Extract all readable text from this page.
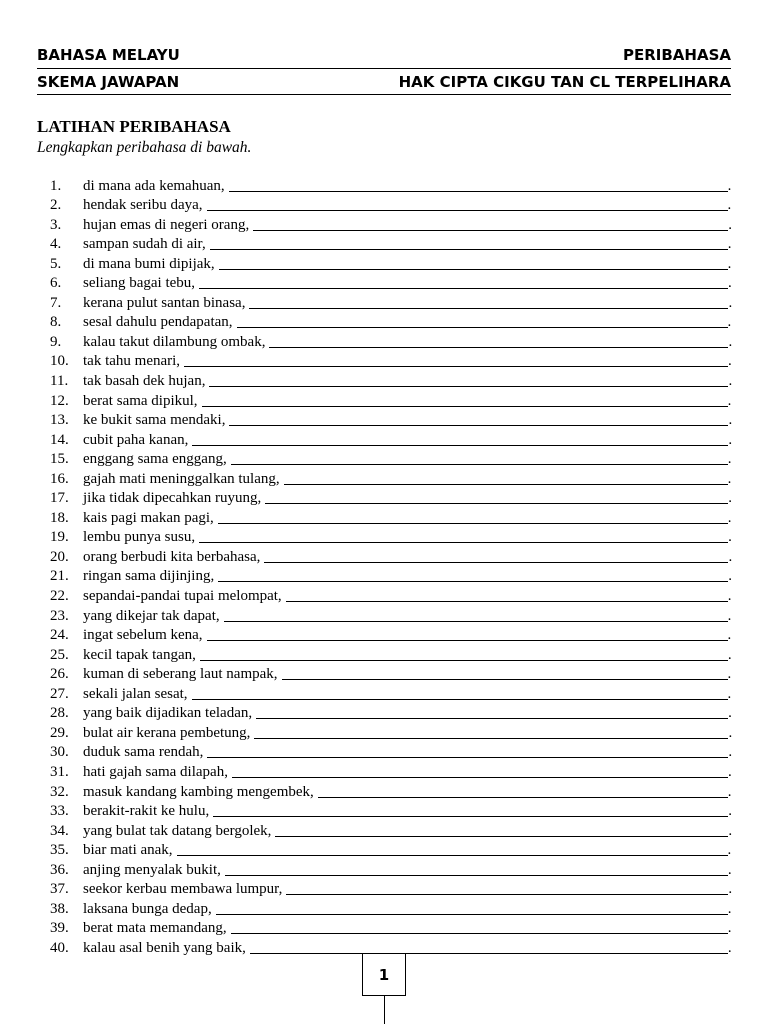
BAHASA MELAYU	PERIBAHASA
SKEMA JAWAPAN	HAK CIPTA CIKGU TAN CL TERPELIHARA
LATIHAN PERIBAHASA
Lengkapkan peribahasa di bawah.
1.	di mana ada kemahuan,	.
2.	hendak seribu daya,	.
3.	hujan emas di negeri orang,	.
4.	sampan sudah di air,	.
5.	di mana bumi dipijak,	.
6.	seliang bagai tebu,	.
7.	kerana pulut santan binasa,	.
8.	sesal dahulu pendapatan,	.
9.	kalau takut dilambung ombak,	.
10. tak tahu menari,	.
11. tak basah dek hujan,	.
12. berat sama dipikul,	.
13. ke bukit sama mendaki,	.
14. cubit paha kanan,	.
15. enggang sama enggang,	.
16. gajah mati meninggalkan tulang,	.
17. jika tidak dipecahkan ruyung,	.
18. kais pagi makan pagi,	.
19. lembu punya susu,	.
20. orang berbudi kita berbahasa,	.
21. ringan sama dijinjing,	.
22. sepandai-pandai tupai melompat,	.
23. yang dikejar tak dapat,	.
24. ingat sebelum kena,	.
25. kecil tapak tangan,	.
26. kuman di seberang laut nampak,	.
27. sekali jalan sesat,	.
28. yang baik dijadikan teladan,	.
29. bulat air kerana pembetung,	.
30. duduk sama rendah,	.
31. hati gajah sama dilapah,	.
32. masuk kandang kambing mengembek,	.
33. berakit-rakit ke hulu,	.
34. yang bulat tak datang bergolek,	.
35. biar mati anak,	.
36. anjing menyalak bukit,	.
37. seekor kerbau membawa lumpur,	.
38. laksana bunga dedap,	.
39. berat mata memandang,	.
40. kalau asal benih yang baik,	.
1
